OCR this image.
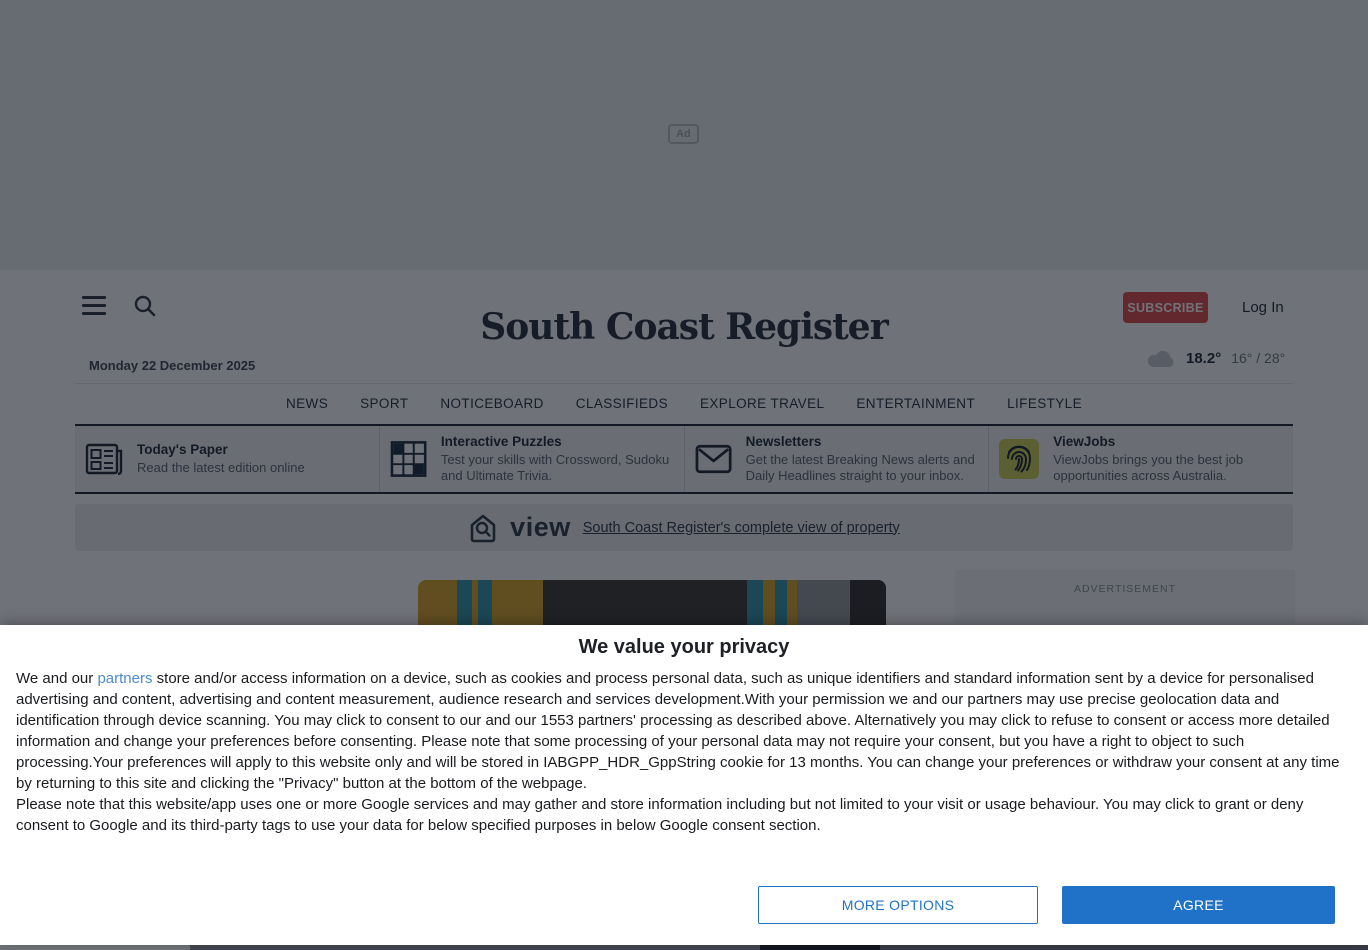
We value your privacy

We and our partners store and/or access information on a device, such as cookies and process personal data, such as unique identifiers and standard information sent by a device for personalised advertising and content, advertising and content measurement, audience research and services development.With your permission we and our partners may use precise geolocation data and identification through device scanning. You may click to consent to our and our 1553 partners' processing as described above. Alternatively you may click to refuse to consent or access more detailed information and change your preferences before consenting. Please note that some processing of your personal data may not require your consent, but you have a right to object to such processing.Your preferences will apply to this website only and will be stored in IABGPP_HDR_GppString cookie for 13 months. You can change your preferences or withdraw your consent at any time by returning to this site and clicking the "Privacy" button at the bottom of the webpage.

Please note that this website/app uses one or more Google services and may gather and store information including but not limited to your visit or usage behaviour. You may click to grant or deny consent to Google and its third-party tags to use your data for below specified purposes in below Google consent section.

MORE OPTIONS	AGREE
